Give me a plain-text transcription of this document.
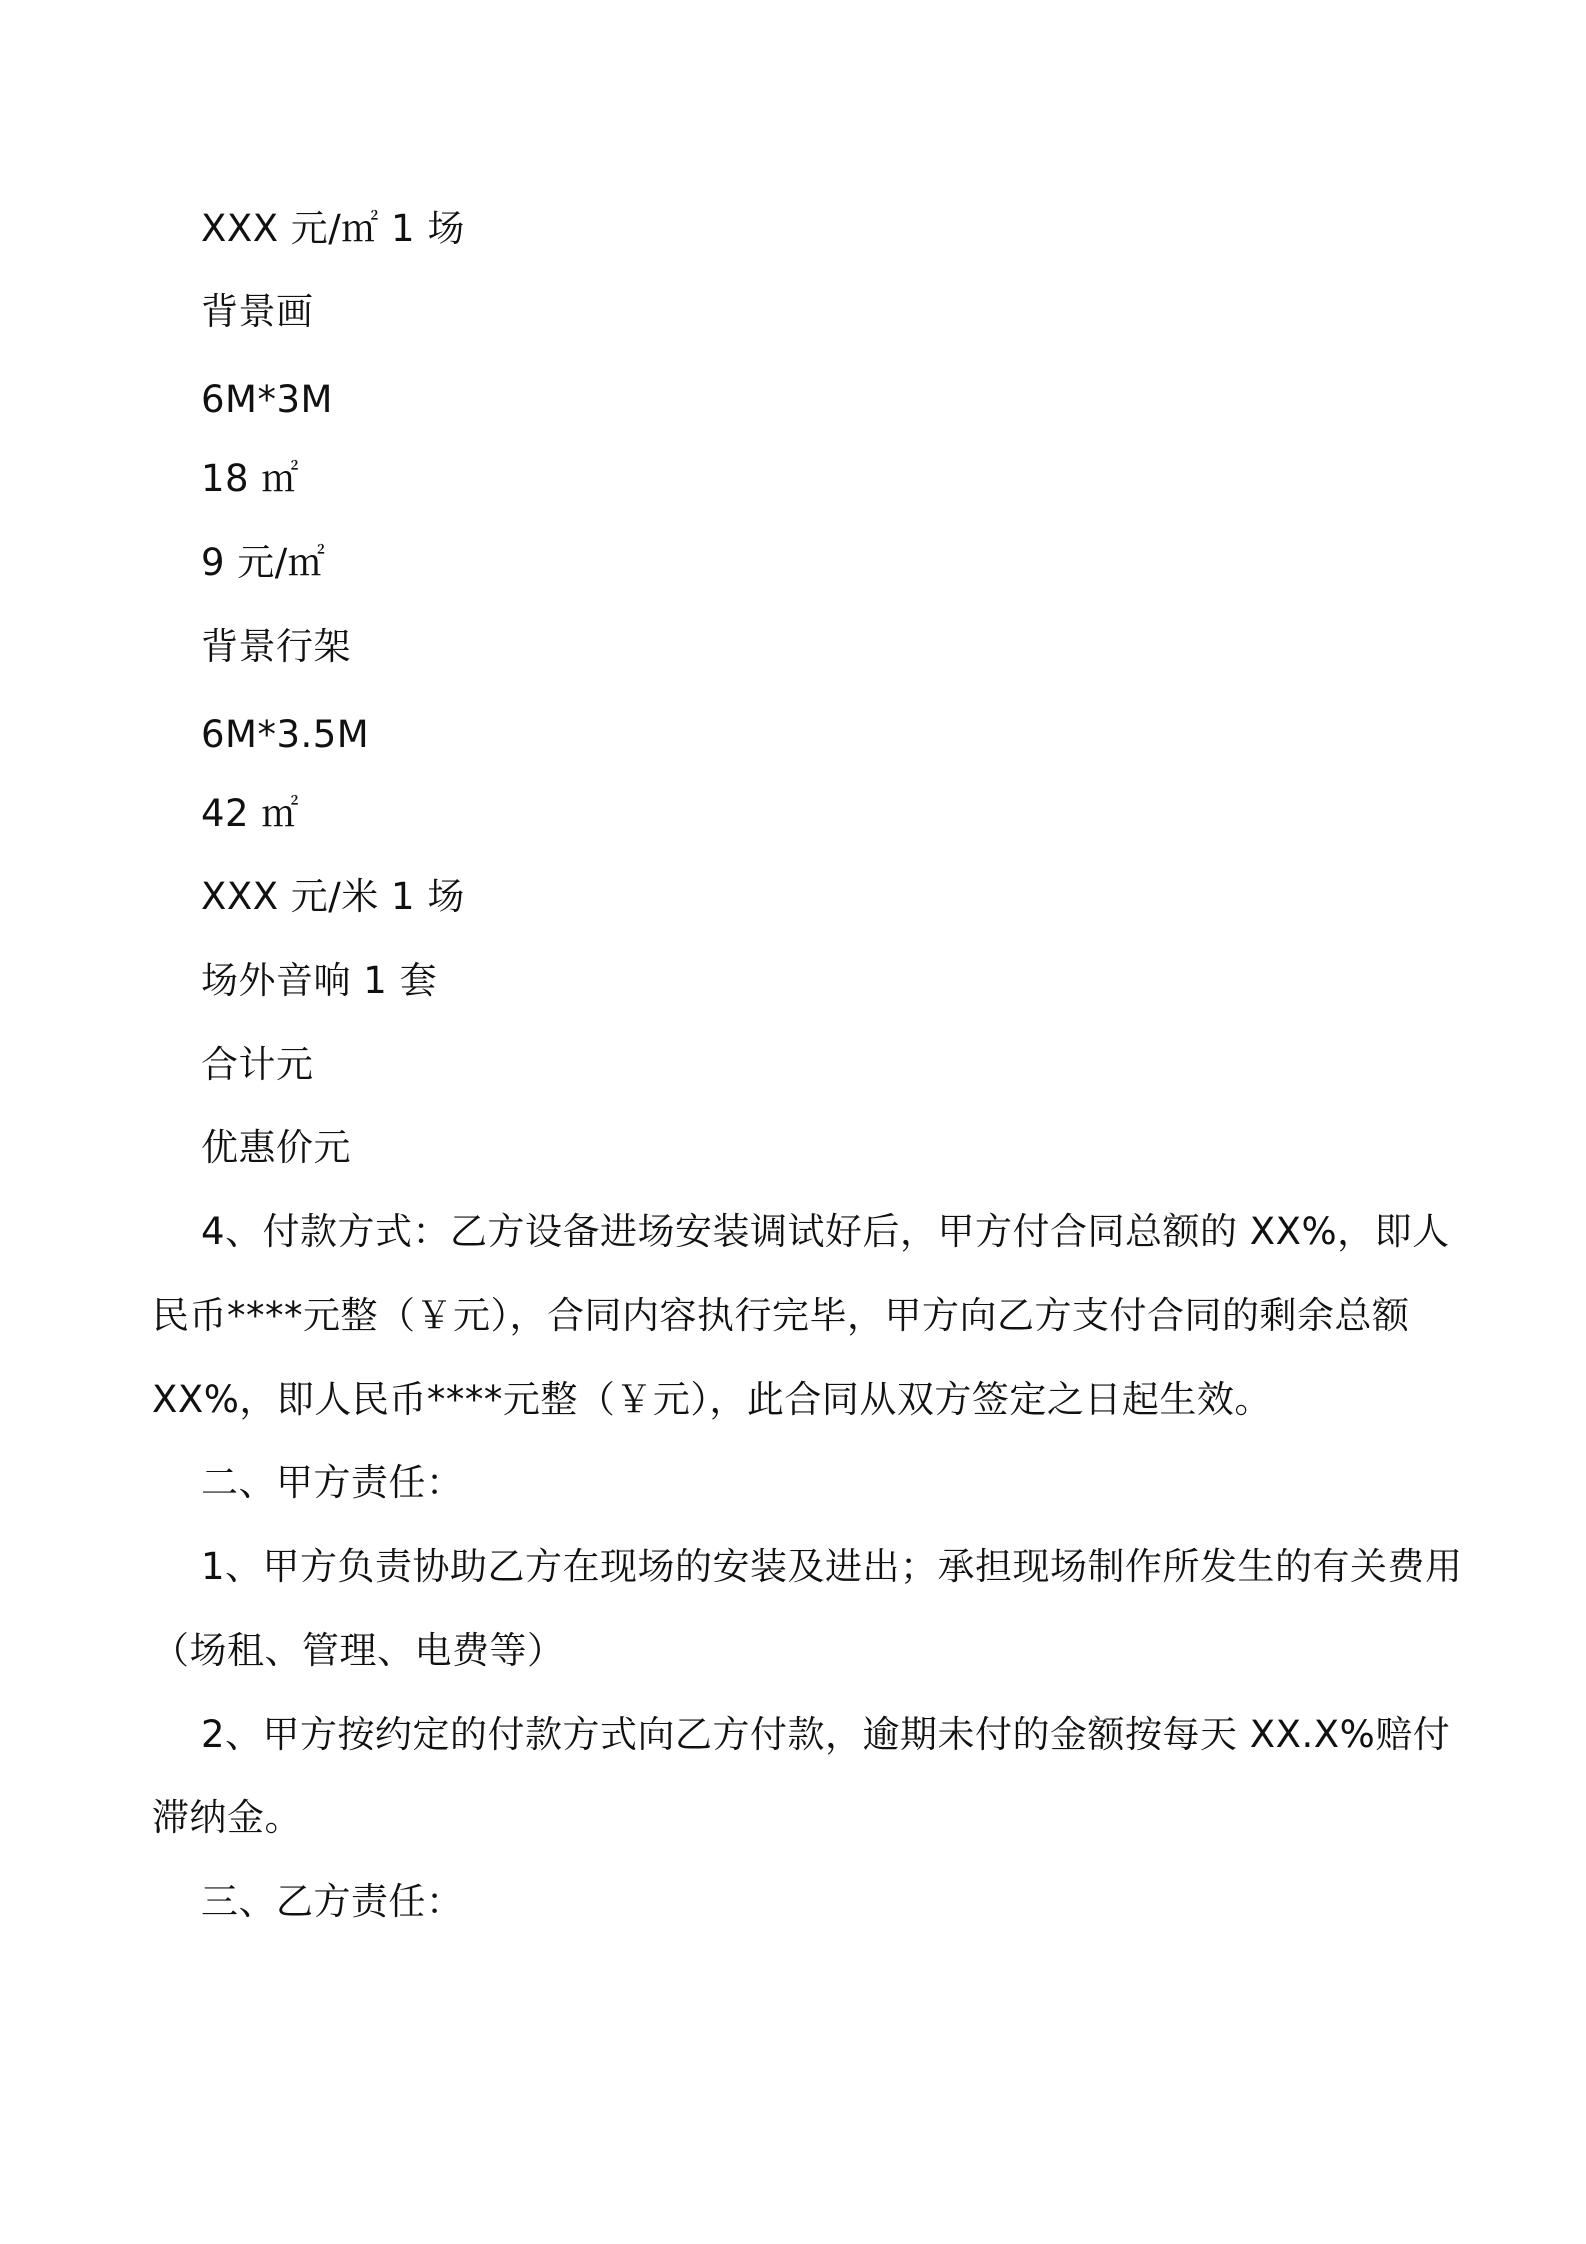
XXX 元/㎡ 1 场
背景画
6M*3M
18 ㎡
9 元/㎡
背景行架
6M*3.5M
42 ㎡
XXX 元/米 1 场
场外音响 1 套
合计元
优惠价元
4、付款方式：乙方设备进场安装调试好后，甲方付合同总额的 XX%，即人
民币****元整（￥元），合同内容执行完毕，甲方向乙方支付合同的剩余总额
XX%，即人民币****元整（￥元），此合同从双方签定之日起生效。
二、甲方责任：
1、甲方负责协助乙方在现场的安装及进出；承担现场制作所发生的有关费用
（场租、管理、电费等）
2、甲方按约定的付款方式向乙方付款，逾期未付的金额按每天 XX.X%赔付
滞纳金。
三、乙方责任：
